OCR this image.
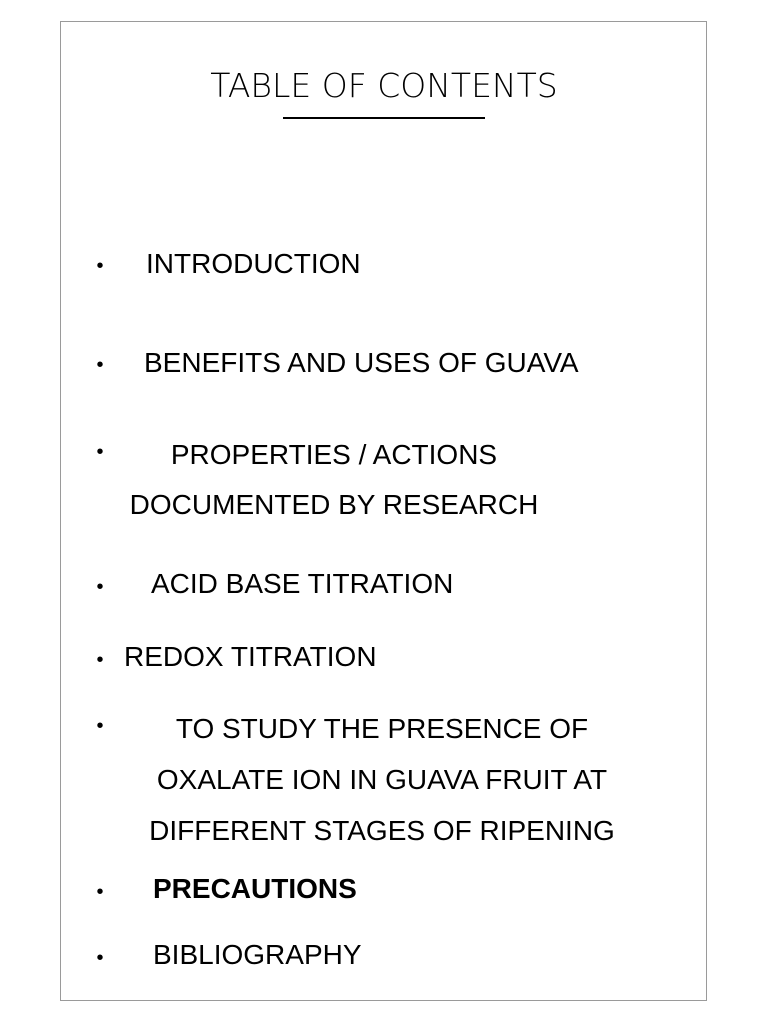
TABLE OF CONTENTS
• INTRODUCTION
• BENEFITS AND USES OF GUAVA
•	PROPERTIES / ACTIONS DOCUMENTED BY RESEARCH
• ACID BASE TITRATION
• REDOX TITRATION
•	TO STUDY THE PRESENCE OF OXALATE ION IN GUAVA FRUIT AT DIFFERENT STAGES OF RIPENING
• PRECAUTIONS
• BIBLIOGRAPHY
